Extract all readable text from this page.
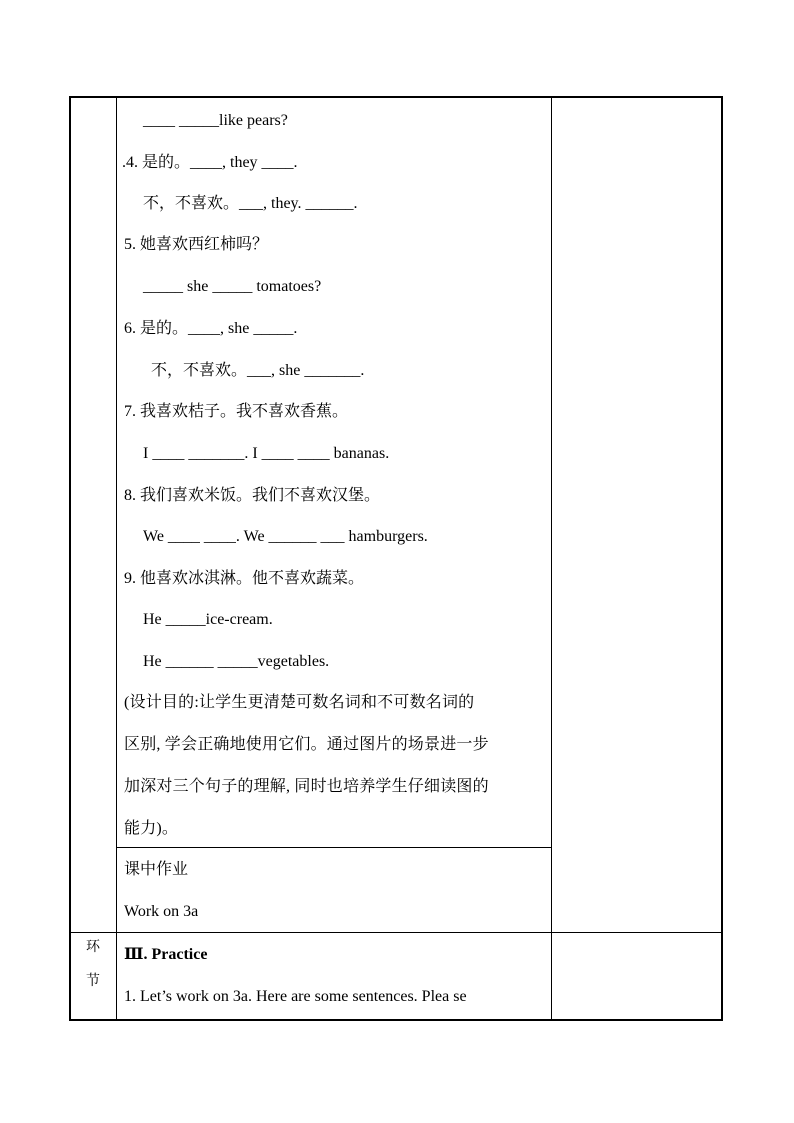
____ _____like pears?
.4. 是的。____, they ____.
不，不喜欢。___, they. ______.
5. 她喜欢西红柿吗？
_____ she _____ tomatoes?
6. 是的。____, she _____.
不，不喜欢。___, she _______.
7. 我喜欢桔子。我不喜欢香蕉。
I ____ _______. I ____ ____ bananas.
8. 我们喜欢米饭。我们不喜欢汉堡。
We ____ ____. We ______ ___ hamburgers.
9. 他喜欢冰淇淋。他不喜欢蔬菜。
He _____ice-cream.
He ______ _____vegetables.
(设计目的:让学生更清楚可数名词和不可数名词的
区别, 学会正确地使用它们。通过图片的场景进一步
加深对三个句子的理解, 同时也培养学生仔细读图的
能力)。
课中作业
Work on 3a
环
节
Ⅲ. Practice
1. Let’s work on 3a. Here are some sentences. Plea se
